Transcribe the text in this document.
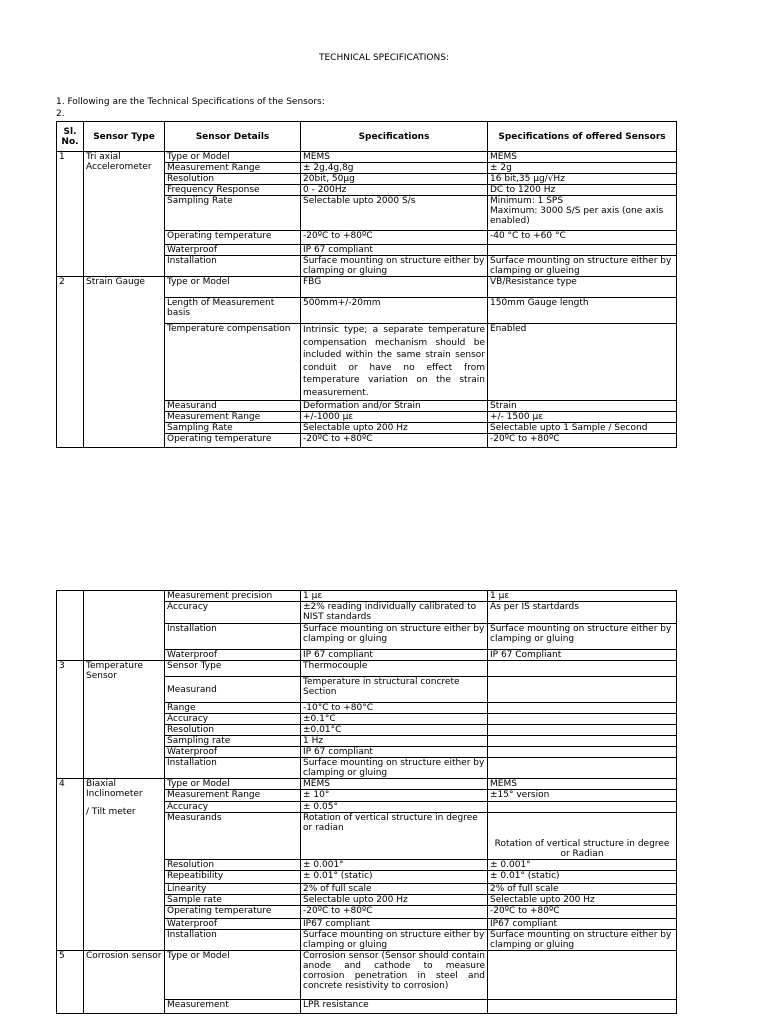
TECHNICAL SPECIFICATIONS:
1. Following are the Technical Specifications of the Sensors:
2.
Sl. No.	Sensor Type	Sensor Details	Specifications	Specifications of offered Sensors
1	Tri axial Accelerometer	Type or Model	MEMS	MEMS
		Measurement Range	± 2g,4g,8g	± 2g
		Resolution	20bit, 50µg	16 bit,35 µg/√Hz
		Frequency Response	0 - 200Hz	DC to 1200 Hz
		Sampling Rate	Selectable upto 2000 S/s	Minimum: 1 SPS
Maximum: 3000 S/S per axis (one axis enabled)
		Operating temperature	-20ºC to +80ºC	-40 °C to +60 °C
		Waterproof	IP 67 compliant	
		Installation	Surface mounting on structure either by clamping or gluing	Surface mounting on structure either by clamping or glueing
2	Strain Gauge	Type or Model	FBG	VB/Resistance type
		Length of Measurement basis	500mm+/-20mm	150mm Gauge length
		Temperature compensation	Intrinsic type; a separate temperature compensation mechanism should be included within the same strain sensor conduit or have no effect from temperature variation on the strain measurement.	Enabled
		Measurand	Deformation and/or Strain	Strain
		Measurement Range	+/-1000 µε	+/- 1500 µε
		Sampling Rate	Selectable upto 200 Hz	Selectable upto 1 Sample / Second
		Operating temperature	-20ºC to +80ºC	-20ºC to +80ºC
		Measurement precision	1 µε	1 µε
		Accuracy	±2% reading individually calibrated to NIST standards	As per IS startdards
		Installation	Surface mounting on structure either by clamping or gluing	Surface mounting on structure either by clamping or gluing
		Waterproof	IP 67 compliant	IP 67 Compliant
3	Temperature Sensor	Sensor Type	Thermocouple	
		Measurand	Temperature in structural concrete Section	
		Range	-10°C to +80°C	
		Accuracy	±0.1°C	
		Resolution	±0.01°C	
		Sampling rate	1 Hz	
		Waterproof	IP 67 compliant	
		Installation	Surface mounting on structure either by clamping or gluing	
4	Biaxial Inclinometer
/ Tilt meter	Type or Model	MEMS	MEMS
		Measurement Range	± 10°	±15° version
		Accuracy	± 0.05°	
		Measurands	Rotation of vertical structure in degree or radian	Rotation of vertical structure in degree or Radian
		Resolution	± 0.001°	± 0.001°
		Repeatibility	± 0.01° (static)	± 0.01° (static)
		Linearity	2% of full scale	2% of full scale
		Sample rate	Selectable upto 200 Hz	Selectable upto 200 Hz
		Operating temperature	-20ºC to +80ºC	-20ºC to +80ºC
		Waterproof	IP67 compliant	IP67 compliant
		Installation	Surface mounting on structure either by clamping or gluing	Surface mounting on structure either by clamping or gluing
5	Corrosion sensor	Type or Model	Corrosion sensor (Sensor should contain anode and cathode to measure corrosion penetration in steel and concrete resistivity to corrosion)	
		Measurement	LPR resistance	
